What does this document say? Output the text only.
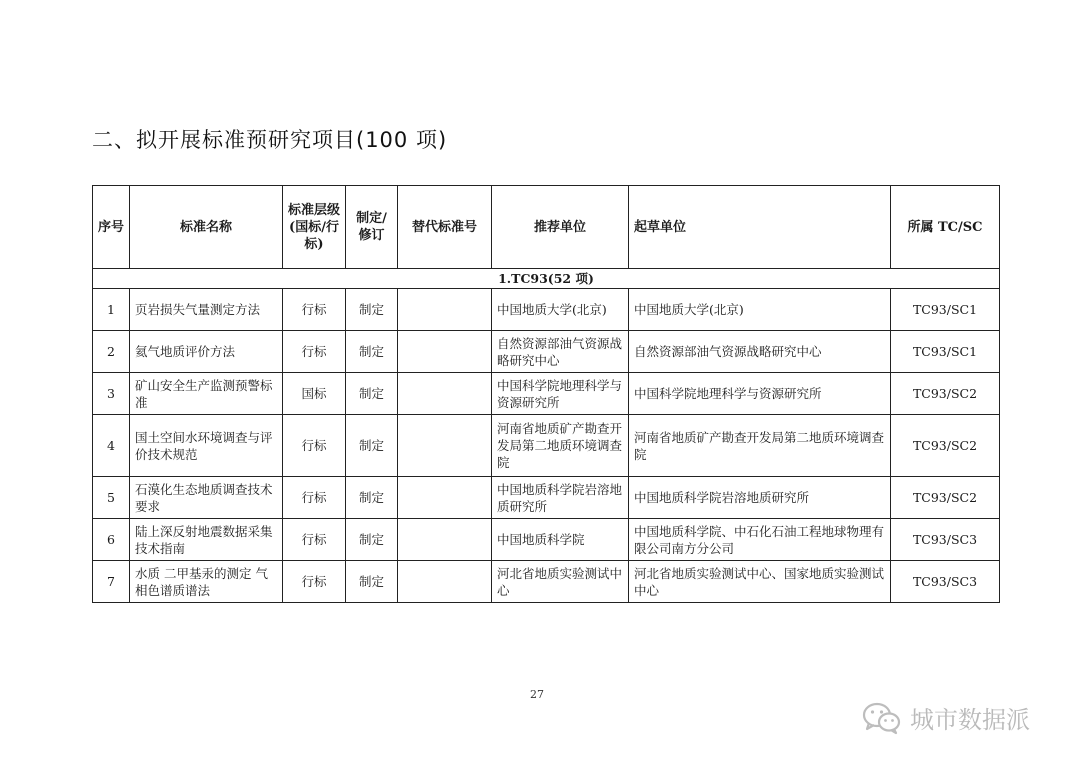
二、拟开展标准预研究项目(100 项)
序号	标准名称	标准层级(国标/行标)	制定/修订	替代标准号	推荐单位	起草单位	所属 TC/SC
1.TC93(52 项)							
1	页岩损失气量测定方法	行标	制定		中国地质大学(北京)	中国地质大学(北京)	TC93/SC1
2	氦气地质评价方法	行标	制定		自然资源部油气资源战略研究中心	自然资源部油气资源战略研究中心	TC93/SC1
3	矿山安全生产监测预警标准	国标	制定		中国科学院地理科学与资源研究所	中国科学院地理科学与资源研究所	TC93/SC2
4	国土空间水环境调查与评价技术规范	行标	制定		河南省地质矿产勘查开发局第二地质环境调查院	河南省地质矿产勘查开发局第二地质环境调查院	TC93/SC2
5	石漠化生态地质调查技术要求	行标	制定		中国地质科学院岩溶地质研究所	中国地质科学院岩溶地质研究所	TC93/SC2
6	陆上深反射地震数据采集技术指南	行标	制定		中国地质科学院	中国地质科学院、中石化石油工程地球物理有限公司南方分公司	TC93/SC3
7	水质 二甲基汞的测定 气相色谱质谱法	行标	制定		河北省地质实验测试中心	河北省地质实验测试中心、国家地质实验测试中心	TC93/SC3
27
城市数据派
